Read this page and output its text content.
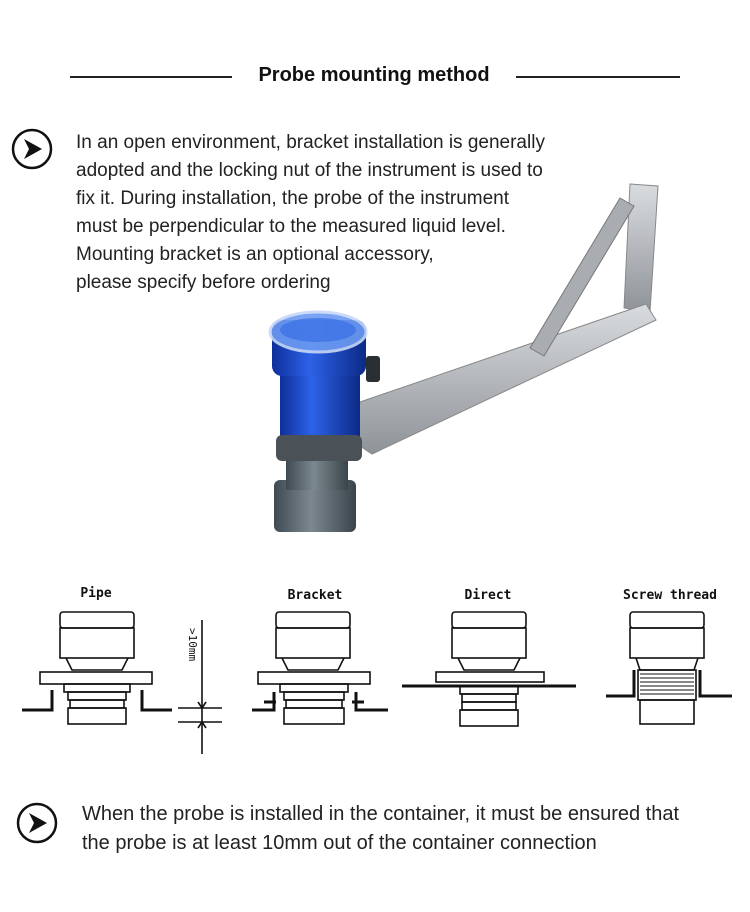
Probe mounting method
In an open environment, bracket installation is generally
adopted and the locking nut of the instrument is used to
fix it. During installation, the probe of the instrument
must be perpendicular to the measured liquid level.
Mounting bracket is an optional accessory,
please specify before ordering
Pipe	Bracket	Direct	Screw thread
>10mm
When the probe is installed in the container, it must be ensured that
the probe is at least 10mm out of the container connection
